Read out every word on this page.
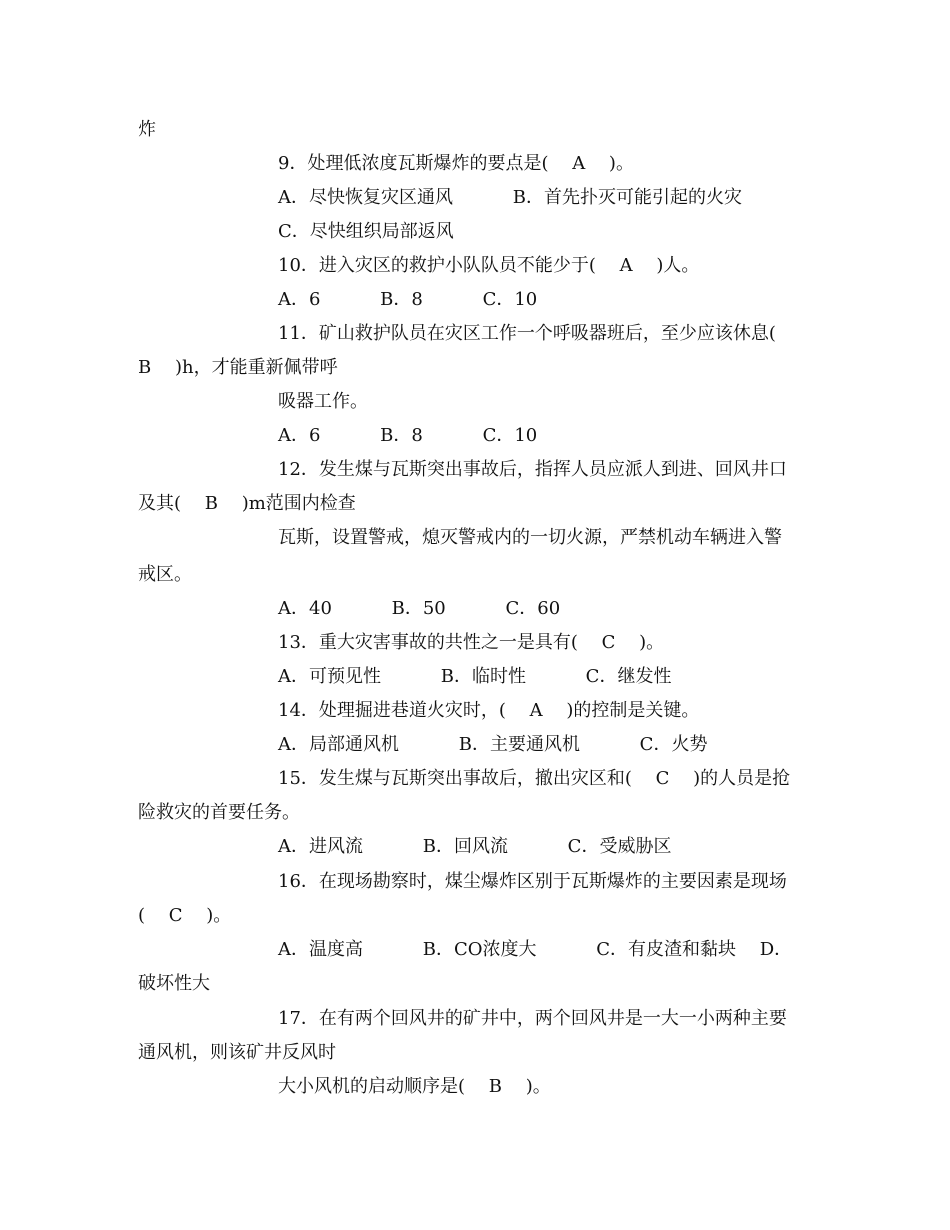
炸
9．处理低浓度瓦斯爆炸的要点是(　 A　 )。
A．尽快恢复灾区通风　　　 B．首先扑灭可能引起的火灾
C．尽快组织局部返风
10．进入灾区的救护小队队员不能少于(　 A　 )人。
A．6　　　 B．8　　　 C．10
11．矿山救护队员在灾区工作一个呼吸器班后，至少应该休息(
B　 )h，才能重新佩带呼
吸器工作。
A．6　　　 B．8　　　 C．10
12．发生煤与瓦斯突出事故后，指挥人员应派人到进、回风井口
及其(　 B　 )m范围内检查
瓦斯，设置警戒，熄灭警戒内的一切火源，严禁机动车辆进入警
戒区。
A．40　　　 B．50　　　 C．60
13．重大灾害事故的共性之一是具有(　 C　 )。
A．可预见性　　　 B．临时性　　　 C．继发性
14．处理掘进巷道火灾时，(　 A　 )的控制是关键。
A．局部通风机　　　 B．主要通风机　　　 C．火势
15．发生煤与瓦斯突出事故后，撤出灾区和(　 C　 )的人员是抢
险救灾的首要任务。
A．进风流　　　 B．回风流　　　 C．受威胁区
16．在现场勘察时，煤尘爆炸区别于瓦斯爆炸的主要因素是现场
(　 C　 )。
A．温度高　　　 B．CO浓度大　　　 C．有皮渣和黏块　 D．
破坏性大
17．在有两个回风井的矿井中，两个回风井是一大一小两种主要
通风机，则该矿井反风时
大小风机的启动顺序是(　 B　 )。
